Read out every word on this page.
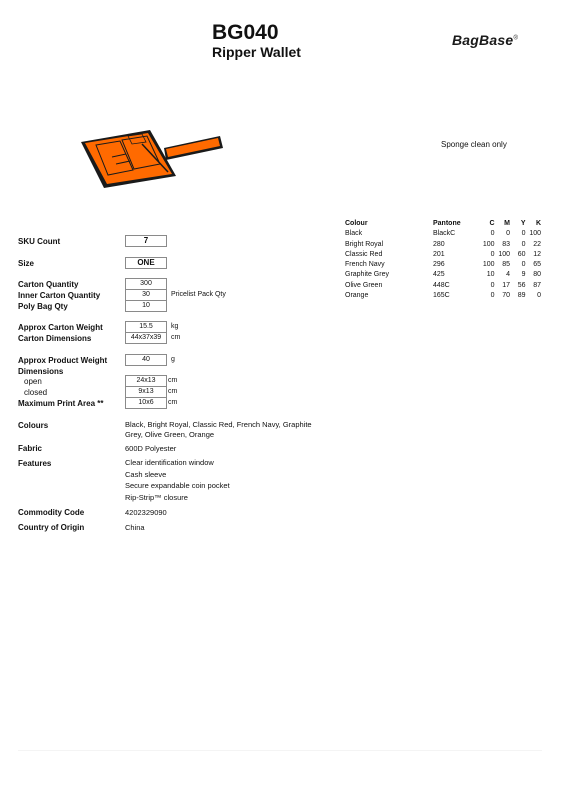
BG040
Ripper Wallet
BagBase®
Sponge clean only
Colour	Pantone	C	M	Y	K
Black	BlackC	0	0	0	100
Bright Royal	280	100	83	0	22
Classic Red	201	0	100	60	12
French Navy	296	100	85	0	65
Graphite Grey	425	10	4	9	80
Olive Green	448C	0	17	56	87
Orange	165C	0	70	89	0
SKU Count	7
Size	ONE
Carton Quantity	300
Inner Carton Quantity	30	Pricelist Pack Qty
Poly Bag Qty	10
Approx Carton Weight	15.5	kg
Carton Dimensions	44x37x39	cm
Approx Product Weight	40	g
Dimensions
open	24x13	cm
closed	9x13	cm
Maximum Print Area **	10x6	cm
Colours	Black, Bright Royal, Classic Red, French Navy, Graphite Grey, Olive Green, Orange
Fabric	600D Polyester
Features	Clear identification window
Cash sleeve
Secure expandable coin pocket
Rip-Strip™ closure
Commodity Code	4202329090
Country of Origin	China
